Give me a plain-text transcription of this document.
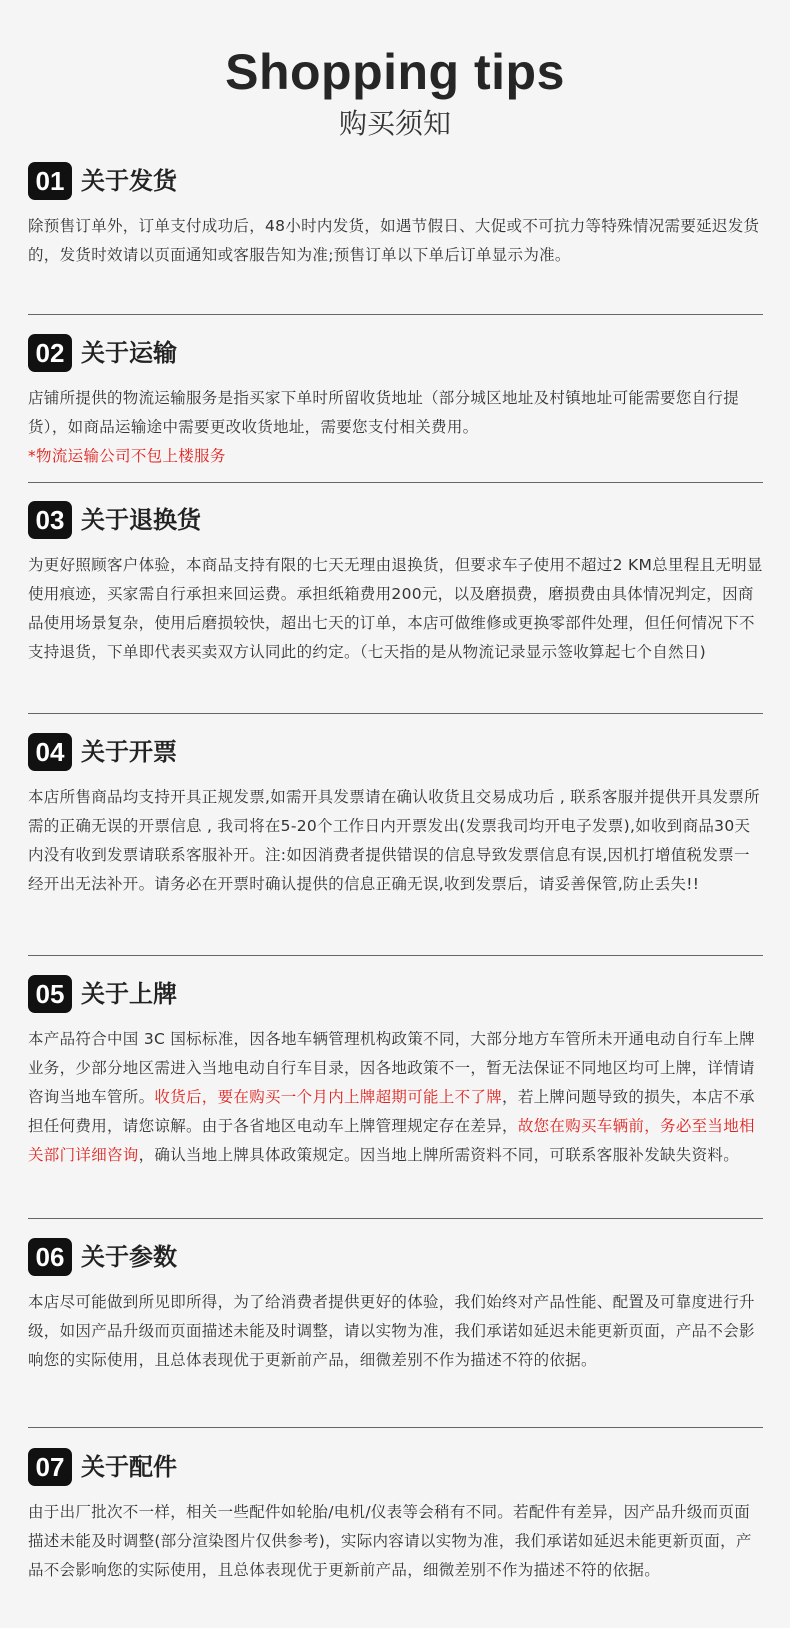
Shopping tips
购买须知
01 关于发货

除预售订单外，订单支付成功后，48小时内发货，如遇节假日、大促或不可抗力等特殊情况需要延迟发货的，发货时效请以页面通知或客服告知为准;预售订单以下单后订单显示为准。

02 关于运输

店铺所提供的物流运输服务是指买家下单时所留收货地址（部分城区地址及村镇地址可能需要您自行提货），如商品运输途中需要更改收货地址，需要您支付相关费用。

*物流运输公司不包上楼服务

03 关于退换货

为更好照顾客户体验，本商品支持有限的七天无理由退换货，但要求车子使用不超过2 KM总里程且无明显使用痕迹，买家需自行承担来回运费。承担纸箱费用200元，以及磨损费，磨损费由具体情况判定，因商品使用场景复杂，使用后磨损较快，超出七天的订单，本店可做维修或更换零部件处理，但任何情况下不支持退货，下单即代表买卖双方认同此的约定。（七天指的是从物流记录显示签收算起七个自然日)

04 关于开票

本店所售商品均支持开具正规发票,如需开具发票请在确认收货且交易成功后 , 联系客服并提供开具发票所需的正确无误的开票信息 , 我司将在5-20个工作日内开票发出(发票我司均开电子发票),如收到商品30天内没有收到发票请联系客服补开。注:如因消费者提供错误的信息导致发票信息有误,因机打增值税发票一经开出无法补开。请务必在开票时确认提供的信息正确无误,收到发票后，请妥善保管,防止丢失!!

05 关于上牌

本产品符合中国 3C 国标标准，因各地车辆管理机构政策不同，大部分地方车管所未开通电动自行车上牌业务，少部分地区需进入当地电动自行车目录，因各地政策不一，暂无法保证不同地区均可上牌，详情请咨询当地车管所。收货后，要在购买一个月内上牌超期可能上不了牌，若上牌问题导致的损失，本店不承担任何费用，请您谅解。由于各省地区电动车上牌管理规定存在差异，故您在购买车辆前，务必至当地相关部门详细咨询，确认当地上牌具体政策规定。因当地上牌所需资料不同，可联系客服补发缺失资料。

06 关于参数

本店尽可能做到所见即所得，为了给消费者提供更好的体验，我们始终对产品性能、配置及可靠度进行升级，如因产品升级而页面描述未能及时调整，请以实物为准，我们承诺如延迟未能更新页面，产品不会影响您的实际使用，且总体表现优于更新前产品，细微差别不作为描述不符的依据。

07 关于配件

由于出厂批次不一样，相关一些配件如轮胎/电机/仪表等会稍有不同。若配件有差异，因产品升级而页面描述未能及时调整(部分渲染图片仅供参考)，实际内容请以实物为准，我们承诺如延迟未能更新页面，产品不会影响您的实际使用，且总体表现优于更新前产品，细微差别不作为描述不符的依据。
